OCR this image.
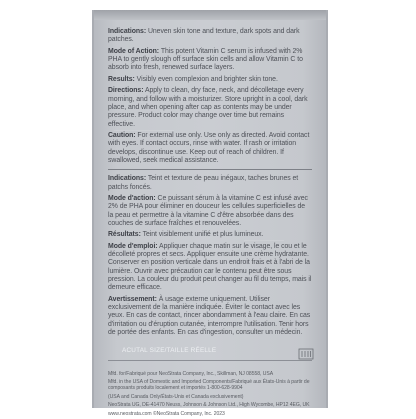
Indications: Uneven skin tone and texture, dark spots and dark patches.
Mode of Action: This potent Vitamin C serum is infused with 2% PHA to gently slough off surface skin cells and allow Vitamin C to absorb into fresh, renewed surface layers.
Results: Visibly even complexion and brighter skin tone.
Directions: Apply to clean, dry face, neck, and décolletage every morning, and follow with a moisturizer. Store upright in a cool, dark place, and when opening after cap as contents may be under pressure. Product color may change over time but remains effective.
Caution: For external use only. Use only as directed. Avoid contact with eyes. If contact occurs, rinse with water. If rash or irritation develops, discontinue use. Keep out of reach of children. If swallowed, seek medical assistance.
Indications: Teint et texture de peau inégaux, taches brunes et patchs foncés.
Mode d'action: Ce puissant sérum à la vitamine C est infusé avec 2% de PHA pour éliminer en douceur les cellules superficielles de la peau et permettre à la vitamine C d'être absorbée dans des couches de surface fraîches et renouvelées.
Résultats: Teint visiblement unifié et plus lumineux.
Mode d'emploi: Appliquer chaque matin sur le visage, le cou et le décolleté propres et secs. Appliquer ensuite une crème hydratante. Conserver en position verticale dans un endroit frais et à l'abri de la lumière. Ouvrir avec précaution car le contenu peut être sous pression. La couleur du produit peut changer au fil du temps, mais il demeure efficace.
Avertissement: À usage externe uniquement. Utiliser exclusivement de la manière indiquée. Éviter le contact avec les yeux. En cas de contact, rincer abondamment à l'eau claire. En cas d'irritation ou d'éruption cutanée, interrompre l'utilisation. Tenir hors de portée des enfants. En cas d'ingestion, consulter un médecin.
ACUTAL SIZE/TAILLE RÉELLE
Mfd. for/Fabriqué pour NeoStrata Company, Inc., Skillman, NJ 08558, USA
Mfd. in the USA of Domestic and Imported Components/Fabriqué aux États-Unis à partir de composants produits localement et importés 1-800-628-9904
(USA and Canada Only/États-Unis et Canada exclusivement)
NeoStrata UG, DE-41470 Neuss, Johnson & Johnson Ltd., High Wycombe, HP12 4EG, UK
www.neostrata.com ©NeoStrata Company, Inc. 2023
